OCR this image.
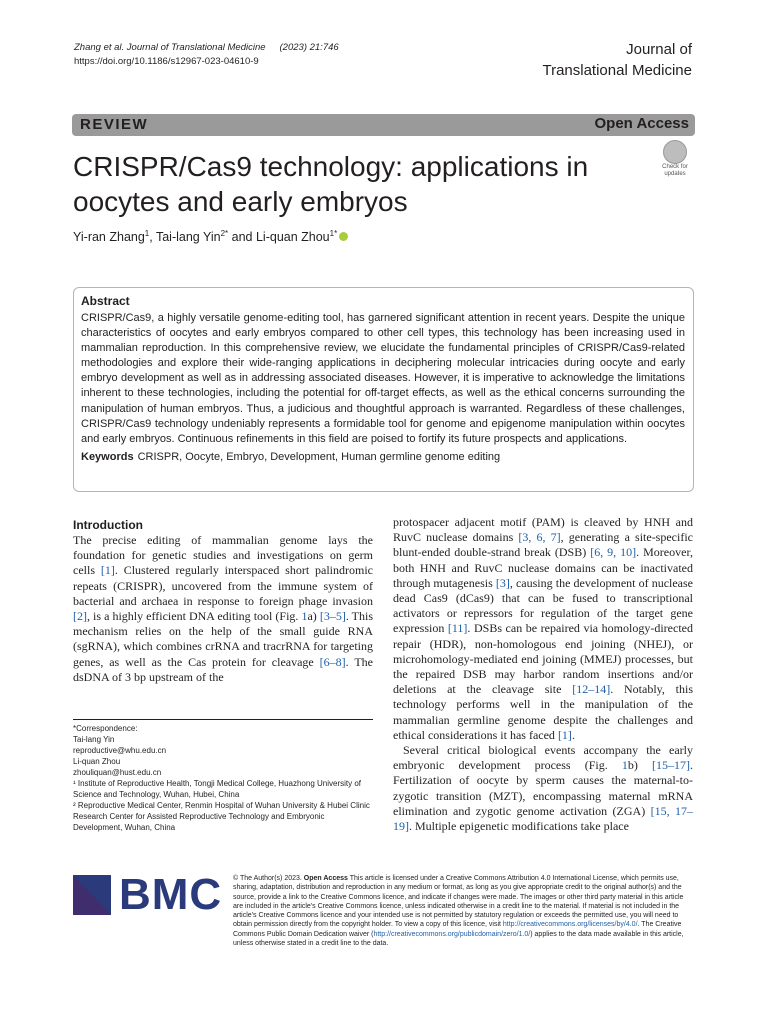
Zhang et al. Journal of Translational Medicine (2023) 21:746
https://doi.org/10.1186/s12967-023-04610-9
Journal of
Translational Medicine
REVIEW	Open Access
CRISPR/Cas9 technology: applications in oocytes and early embryos
Check for
updates
Yi-ran Zhang$^1$, Tai-lang Yin$^{2*}$ and Li-quan Zhou$^{1*}$
Abstract
CRISPR/Cas9, a highly versatile genome-editing tool, has garnered significant attention in recent years. Despite the unique characteristics of oocytes and early embryos compared to other cell types, this technology has been increasing used in mammalian reproduction. In this comprehensive review, we elucidate the fundamental principles of CRISPR/Cas9-related methodologies and explore their wide-ranging applications in deciphering molecular intricacies during oocyte and early embryo development as well as in addressing associated diseases. However, it is imperative to acknowledge the limitations inherent to these technologies, including the potential for off-target effects, as well as the ethical concerns surrounding the manipulation of human embryos. Thus, a judicious and thoughtful approach is warranted. Regardless of these challenges, CRISPR/Cas9 technology undeniably represents a formidable tool for genome and epigenome manipulation within oocytes and early embryos. Continuous refinements in this field are poised to fortify its future prospects and applications.
Keywords CRISPR, Oocyte, Embryo, Development, Human germline genome editing
Introduction

The precise editing of mammalian genome lays the foundation for genetic studies and investigations on germ cells [1]. Clustered regularly interspaced short palindromic repeats (CRISPR), uncovered from the immune system of bacterial and archaea in response to foreign phage invasion [2], is a highly efficient DNA editing tool (Fig. 1a) [3–5]. This mechanism relies on the help of the small guide RNA (sgRNA), which combines crRNA and tracrRNA for targeting genes, as well as the Cas protein for cleavage [6–8]. The dsDNA of 3 bp upstream of the

*Correspondence:

Tai-lang Yin

reproductive@whu.edu.cn

Li-quan Zhou

zhouliquan@hust.edu.cn

¹ Institute of Reproductive Health, Tongji Medical College, Huazhong University of Science and Technology, Wuhan, Hubei, China

² Reproductive Medical Center, Renmin Hospital of Wuhan University & Hubei Clinic Research Center for Assisted Reproductive Technology and Embryonic Development, Wuhan, China

protospacer adjacent motif (PAM) is cleaved by HNH and RuvC nuclease domains [3, 6, 7], generating a site-specific blunt-ended double-strand break (DSB) [6, 9, 10]. Moreover, both HNH and RuvC nuclease domains can be inactivated through mutagenesis [3], causing the development of nuclease dead Cas9 (dCas9) that can be fused to transcriptional activators or repressors for regulation of the target gene expression [11]. DSBs can be repaired via homology-directed repair (HDR), non-homologous end joining (NHEJ), or microhomology-mediated end joining (MMEJ) processes, but the repaired DSB may harbor random insertions and/or deletions at the cleavage site [12–14]. Notably, this technology performs well in the manipulation of the mammalian germline genome despite the challenges and ethical considerations it has faced [1].

Several critical biological events accompany the early embryonic development process (Fig. 1b) [15–17]. Fertilization of oocyte by sperm causes the maternal-to-zygotic transition (MZT), encompassing maternal mRNA elimination and zygotic genome activation (ZGA) [15, 17–19]. Multiple epigenetic modifications take place

BMC © The Author(s) 2023. Open Access This article is licensed under a Creative Commons Attribution 4.0 International License, which permits use, sharing, adaptation, distribution and reproduction in any medium or format, as long as you give appropriate credit to the original author(s) and the source, provide a link to the Creative Commons licence, and indicate if changes were made. The images or other third party material in this article are included in the article's Creative Commons licence, unless indicated otherwise in a credit line to the material. If material is not included in the article's Creative Commons licence and your intended use is not permitted by statutory regulation or exceeds the permitted use, you will need to obtain permission directly from the copyright holder. To view a copy of this licence, visit http://creativecommons.org/licenses/by/4.0/. The Creative Commons Public Domain Dedication waiver (http://creativecommons.org/publicdomain/zero/1.0/) applies to the data made available in this article, unless otherwise stated in a credit line to the data.
